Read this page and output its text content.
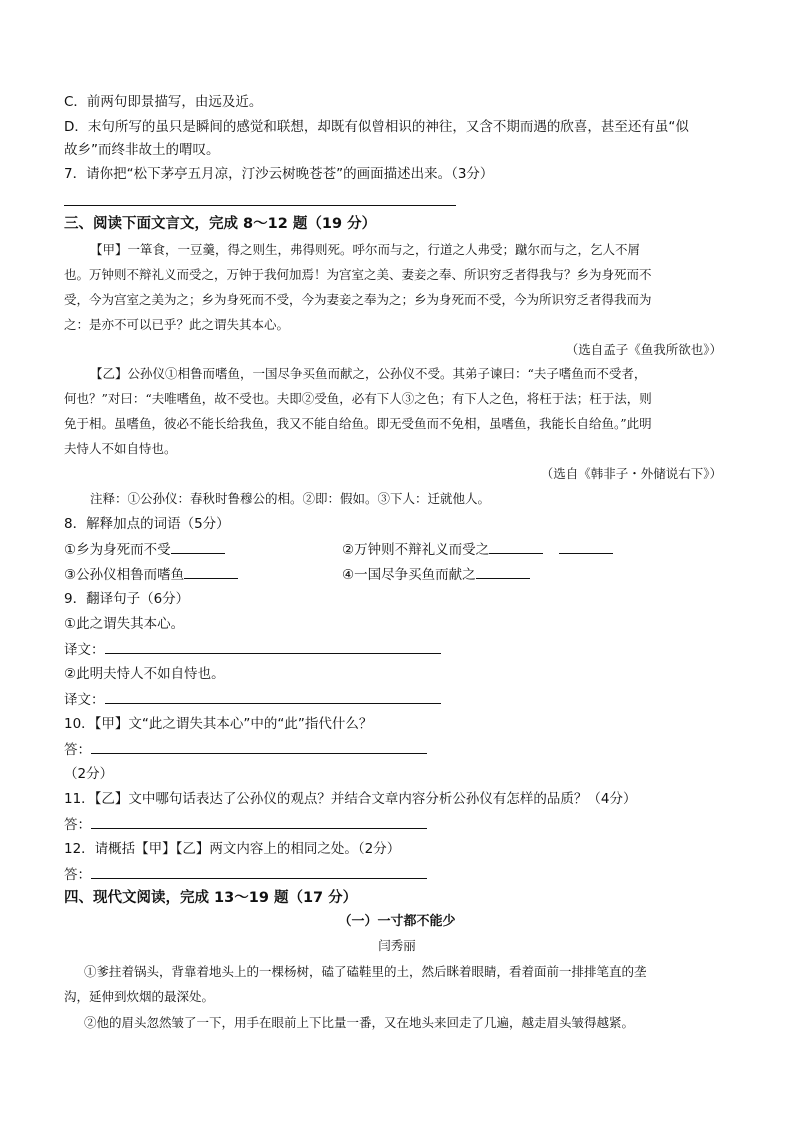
C．前两句即景描写，由远及近。
D．末句所写的虽只是瞬间的感觉和联想，却既有似曾相识的神往，又含不期而遇的欣喜，甚至还有虽“似
故乡”而终非故土的喟叹。
7．请你把“松下茅亭五月凉，汀沙云树晚苍苍”的画面描述出来。（3分）
三、阅读下面文言文，完成 8～12 题（19 分）
【甲】一箪食，一豆羹，得之则生，弗得则死。呼尔而与之，行道之人弗受；蹴尔而与之，乞人不屑
也。万钟则不辩礼义而受之，万钟于我何加焉！为宫室之美、妻妾之奉、所识穷乏者得我与？乡为身死而不
受，今为宫室之美为之；乡为身死而不受，今为妻妾之奉为之；乡为身死而不受，今为所识穷乏者得我而为
之：是亦不可以已乎？此之谓失其本心。
（选自孟子《鱼我所欲也》）
【乙】公孙仪①相鲁而嗜鱼，一国尽争买鱼而献之，公孙仪不受。其弟子谏曰：“夫子嗜鱼而不受者，
何也？”对曰：“夫唯嗜鱼，故不受也。夫即②受鱼，必有下人③之色；有下人之色，将枉于法；枉于法，则
免于相。虽嗜鱼，彼必不能长给我鱼，我又不能自给鱼。即无受鱼而不免相，虽嗜鱼，我能长自给鱼。”此明
夫恃人不如自恃也。
（选自《韩非子・外储说右下》）
注释：①公孙仪：春秋时鲁穆公的相。②即：假如。③下人：迁就他人。
8．解释加点的词语（5分）
①乡为身死而不受	②万钟则不辩礼义而受之
③公孙仪相鲁而嗜鱼	④一国尽争买鱼而献之
9．翻译句子（6分）
①此之谓失其本心。
译文：
②此明夫恃人不如自恃也。
译文：
10．【甲】文“此之谓失其本心”中的“此”指代什么？
答：
（2分）
11．【乙】文中哪句话表达了公孙仪的观点？并结合文章内容分析公孙仪有怎样的品质？（4分）
答：
12．请概括【甲】【乙】两文内容上的相同之处。（2分）
答：
四、现代文阅读，完成 13～19 题（17 分）
（一）一寸都不能少
闫秀丽
①爹拄着锅头，背靠着地头上的一棵杨树，磕了磕鞋里的土，然后眯着眼睛，看着面前一排排笔直的垄
沟，延伸到炊烟的最深处。
②他的眉头忽然皱了一下，用手在眼前上下比量一番，又在地头来回走了几遍，越走眉头皱得越紧。
